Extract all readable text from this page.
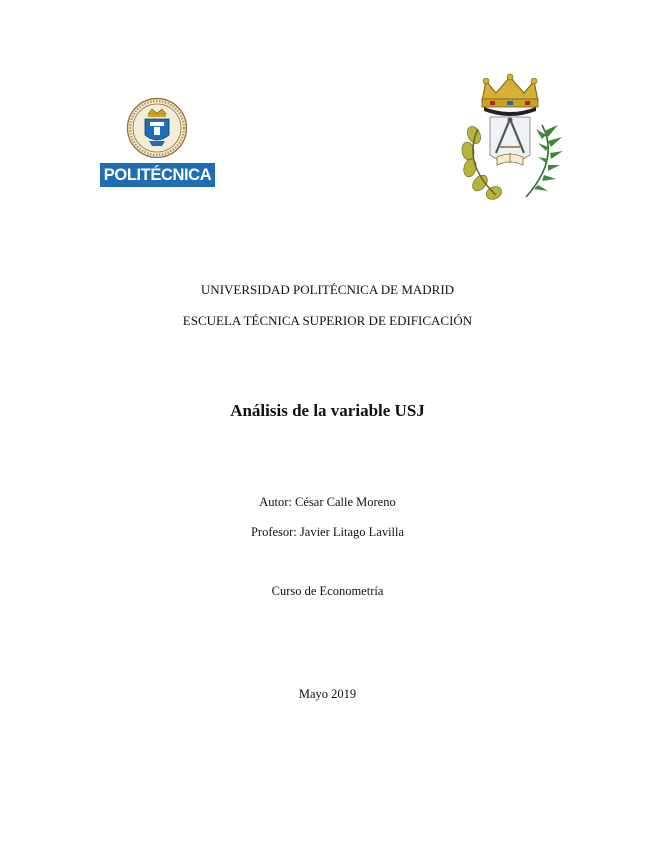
POLITÉCNICA
UNIVERSIDAD POLITÉCNICA DE MADRID
ESCUELA TÉCNICA SUPERIOR DE EDIFICACIÓN
Análisis de la variable USJ
Autor: César Calle Moreno
Profesor: Javier Litago Lavilla
Curso de Econometría
Mayo 2019
